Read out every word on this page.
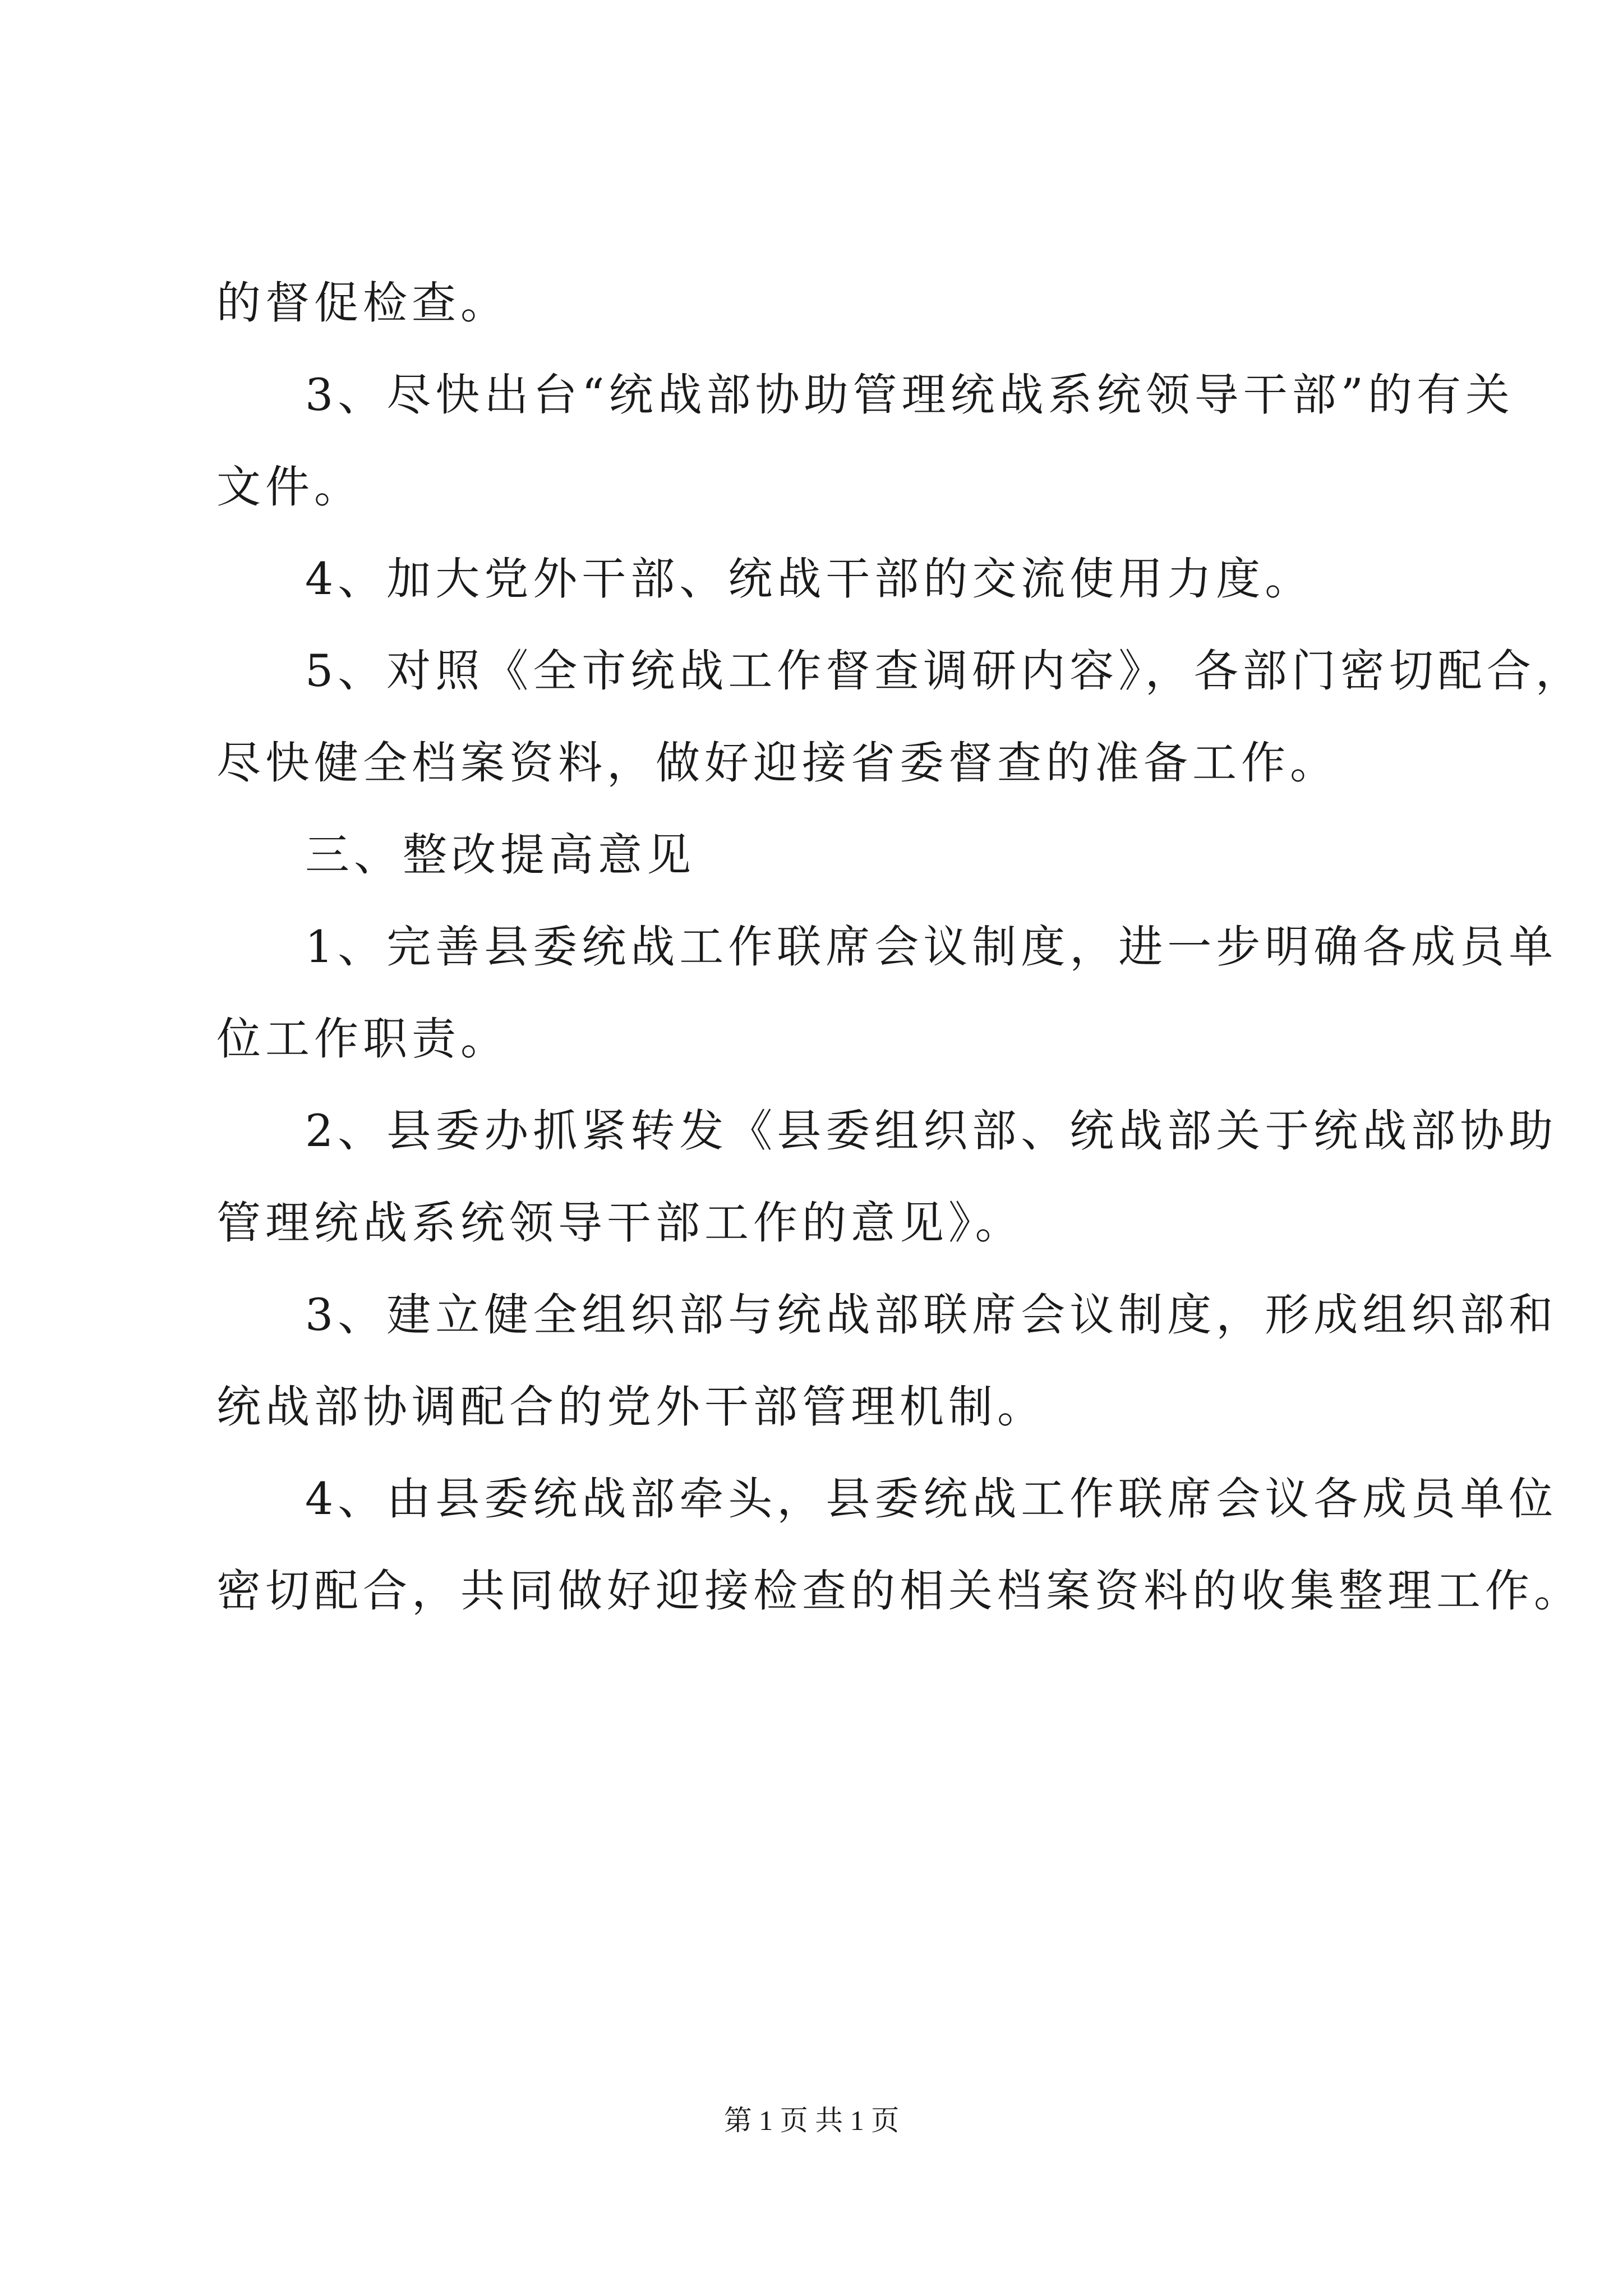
的督促检查。

3、尽快出台“统战部协助管理统战系统领导干部”的有关

文件。

4、加大党外干部、统战干部的交流使用力度。

5、对照《全市统战工作督查调研内容》，各部门密切配合，

尽快健全档案资料，做好迎接省委督查的准备工作。

三、整改提高意见

1、完善县委统战工作联席会议制度，进一步明确各成员单

位工作职责。

2、县委办抓紧转发《县委组织部、统战部关于统战部协助

管理统战系统领导干部工作的意见》。

3、建立健全组织部与统战部联席会议制度，形成组织部和

统战部协调配合的党外干部管理机制。

4、由县委统战部牵头，县委统战工作联席会议各成员单位

密切配合，共同做好迎接检查的相关档案资料的收集整理工作。

第 1 页 共 1 页
